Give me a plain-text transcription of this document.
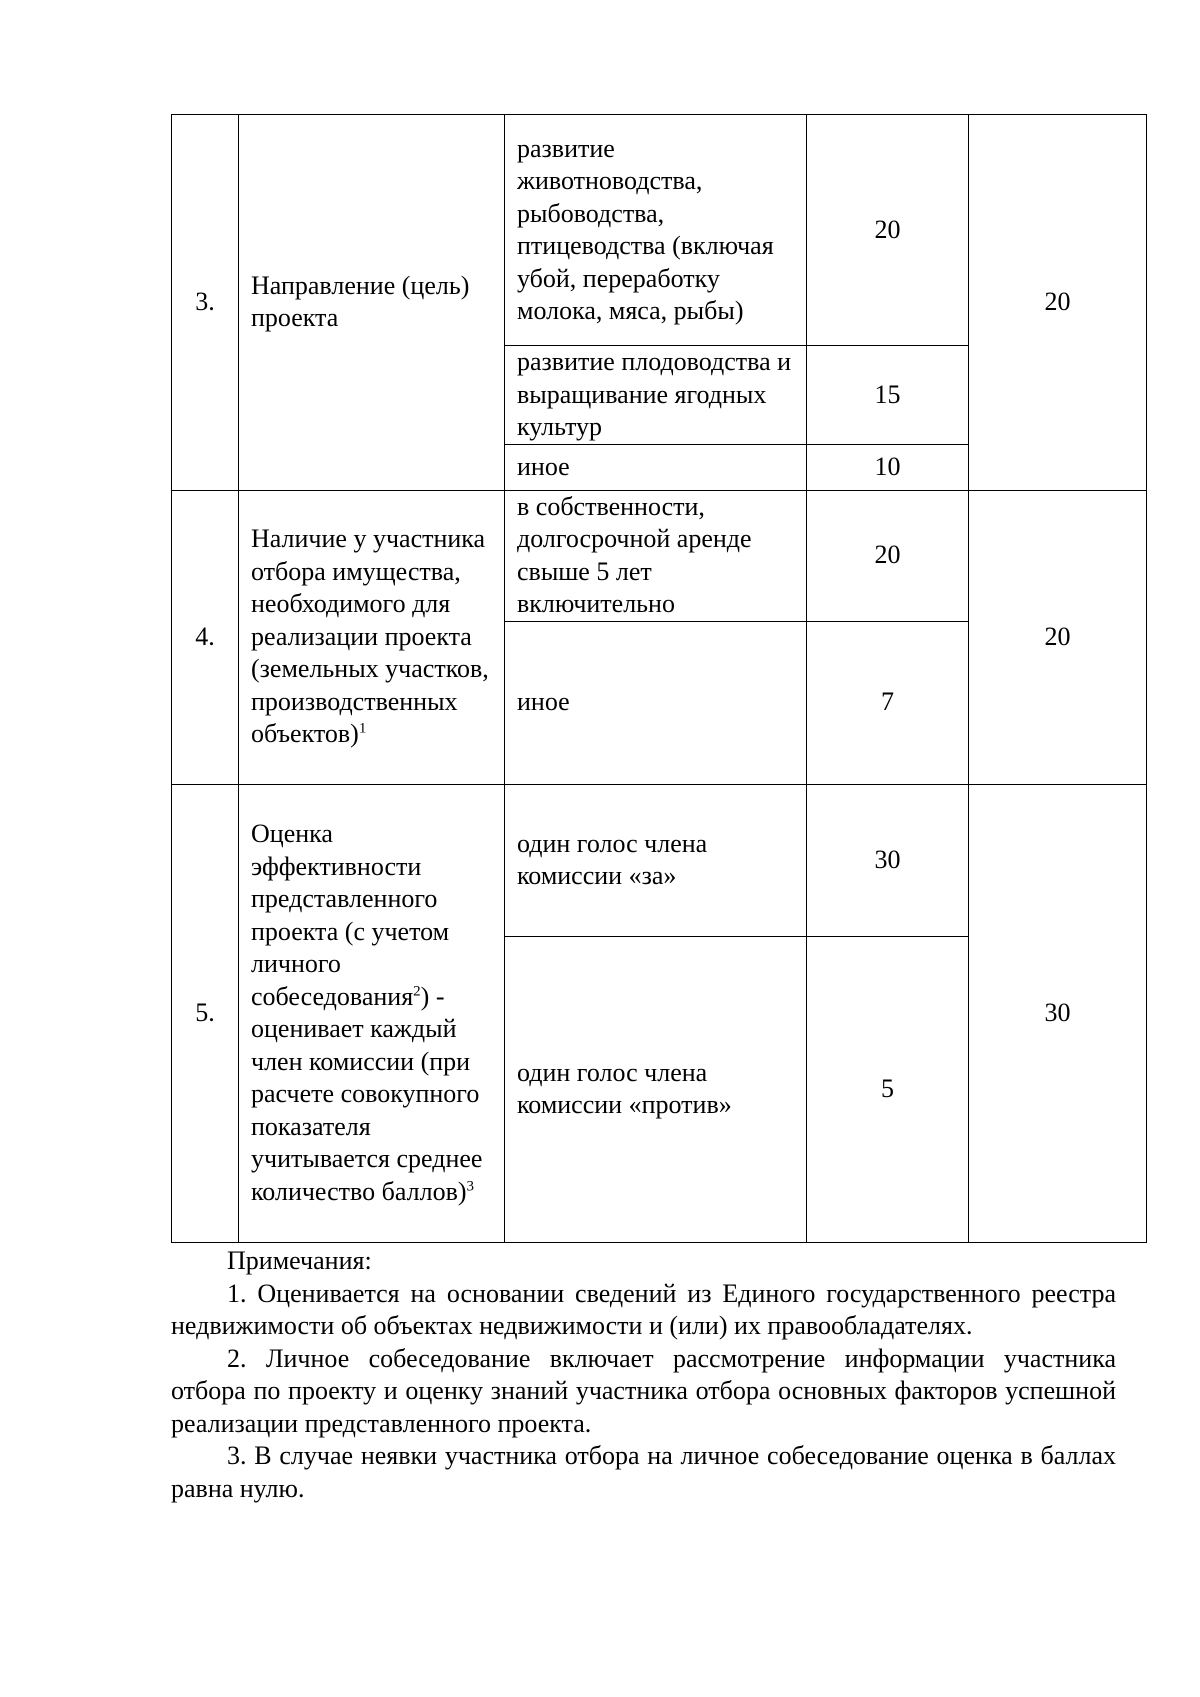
3.	Направление (цель) проекта	развитие животноводства, рыбоводства, птицеводства (включая убой, переработку молока, мяса, рыбы)	20	20
		развитие плодоводства и выращивание ягодных культур	15	
		иное	10	
4.	Наличие у участника отбора имущества, необходимого для реализации проекта (земельных участков, производственных объектов)$^1$	в собственности, долгосрочной аренде свыше 5 лет включительно	20	20
		иное	7	
5.	Оценка эффективности представленного проекта (с учетом личного собеседования$^2$) - оценивает каждый член комиссии (при расчете совокупного показателя учитывается среднее количество баллов)$^3$	один голос члена комиссии «за»	30	30
		один голос члена комиссии «против»	5	

Примечания:

1. Оценивается на основании сведений из Единого государственного реестра недвижимости об объектах недвижимости и (или) их правообладателях.

2. Личное собеседование включает рассмотрение информации участника отбора по проекту и оценку знаний участника отбора основных факторов успешной реализации представленного проекта.

3. В случае неявки участника отбора на личное собеседование оценка в баллах равна нулю.
